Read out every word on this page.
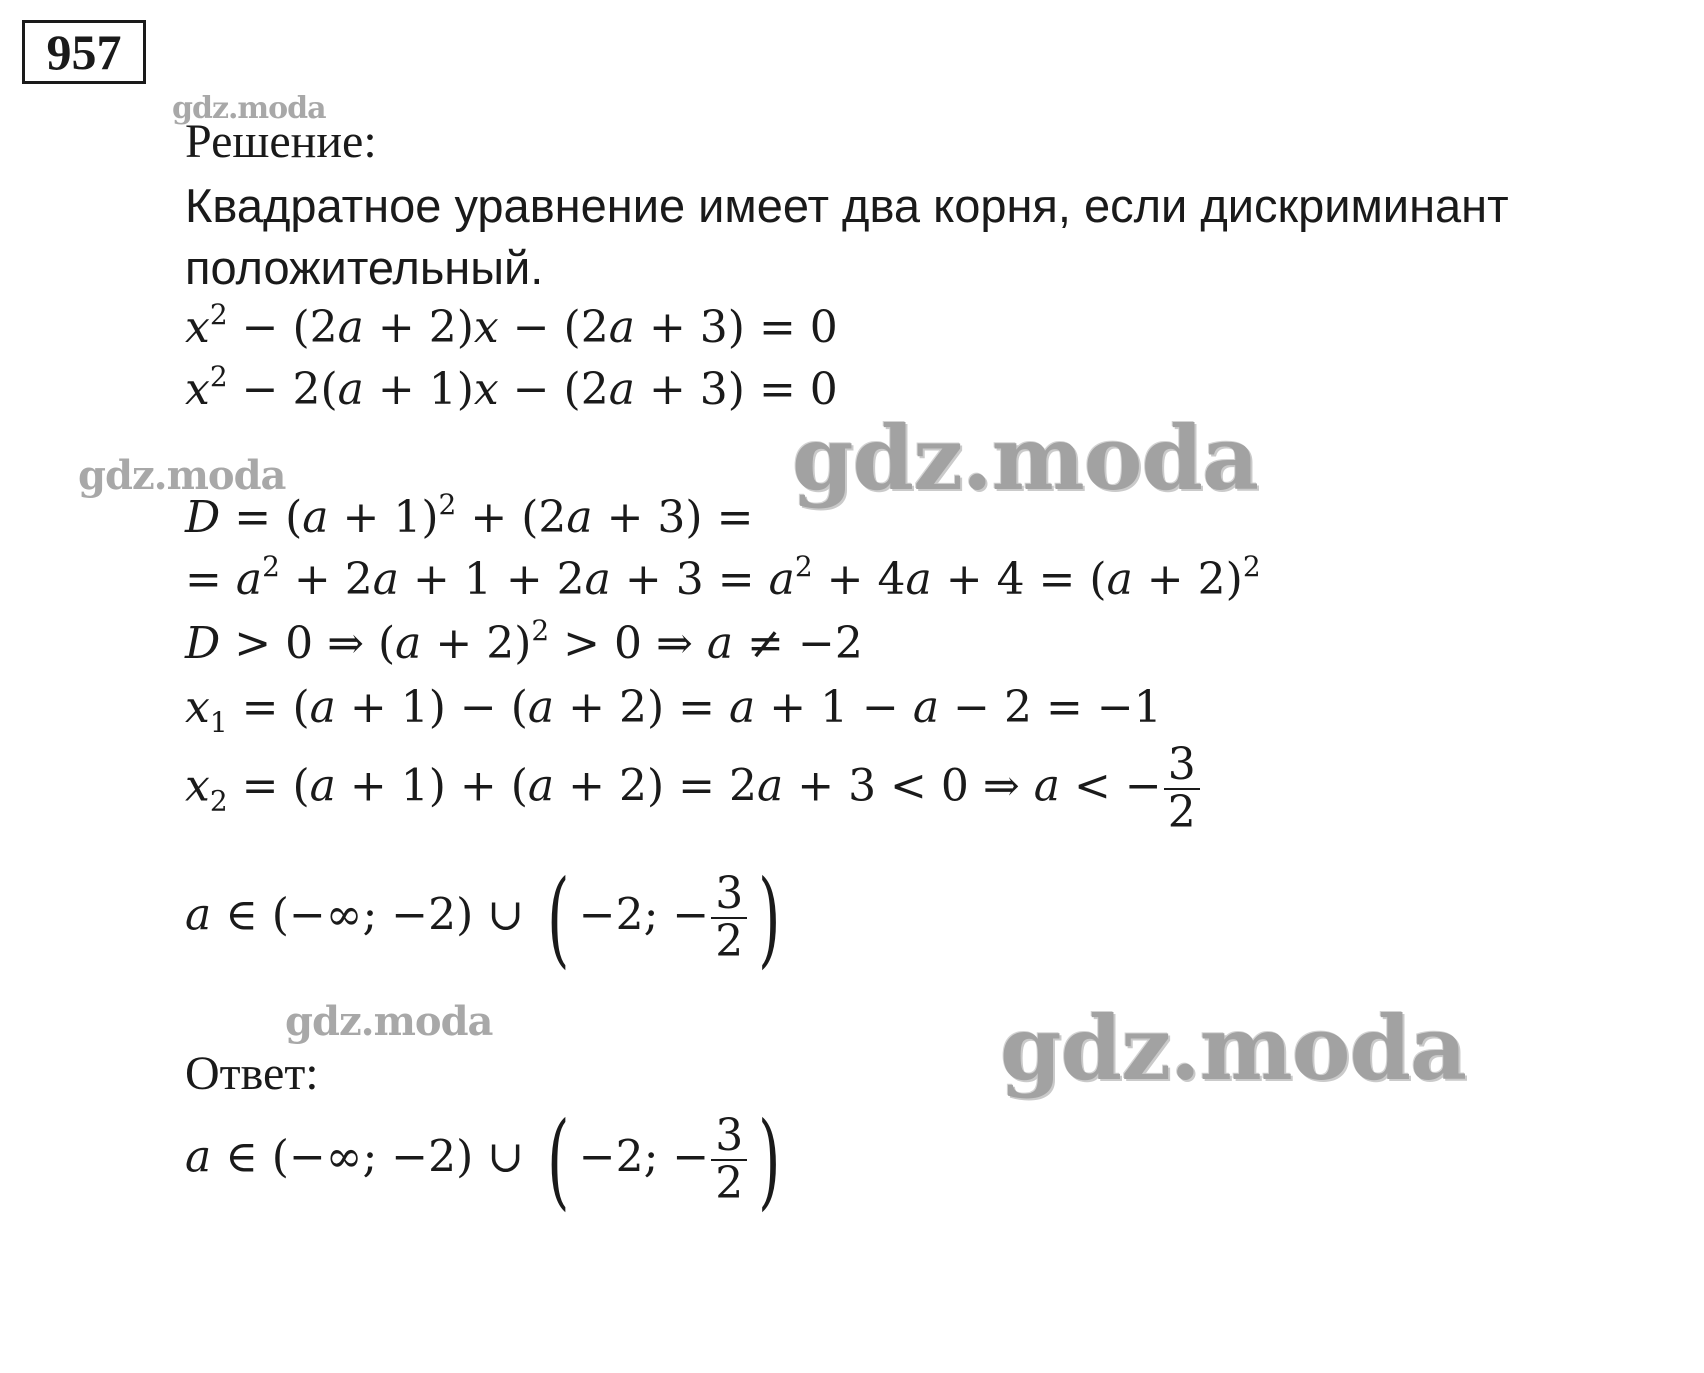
957
gdz.moda
gdz.moda	gdz.moda
gdz.moda	gdz.moda
Решение:
Квадратное уравнение имеет два корня, если дискриминант
положительный.
$x^2 - (2a + 2)x - (2a + 3) = 0$
$x^2 - 2(a + 1)x - (2a + 3) = 0$
$D = (a + 1)^2 + (2a + 3)$ =
= $a^2 + 2a + 1 + 2a + 3 = a^2 + 4a + 4 = (a + 2)^2$
D > 0 ⇒ $(a + 2)^2 > 0$ ⇒ a ≠ −2
$x_1 = (a + 1) - (a + 2) = a + 1 - a - 2 = -1$
$x_2 = (a + 1) + (a + 2) = 2a + 3 < 0$ ⇒ a < − $\frac{3}{2}$
a ∈ (−∞; −2) ∪ ( −2; − $\frac{3}{2}$ )
Ответ:
a ∈ (−∞; −2) ∪ ( −2; − $\frac{3}{2}$ )
